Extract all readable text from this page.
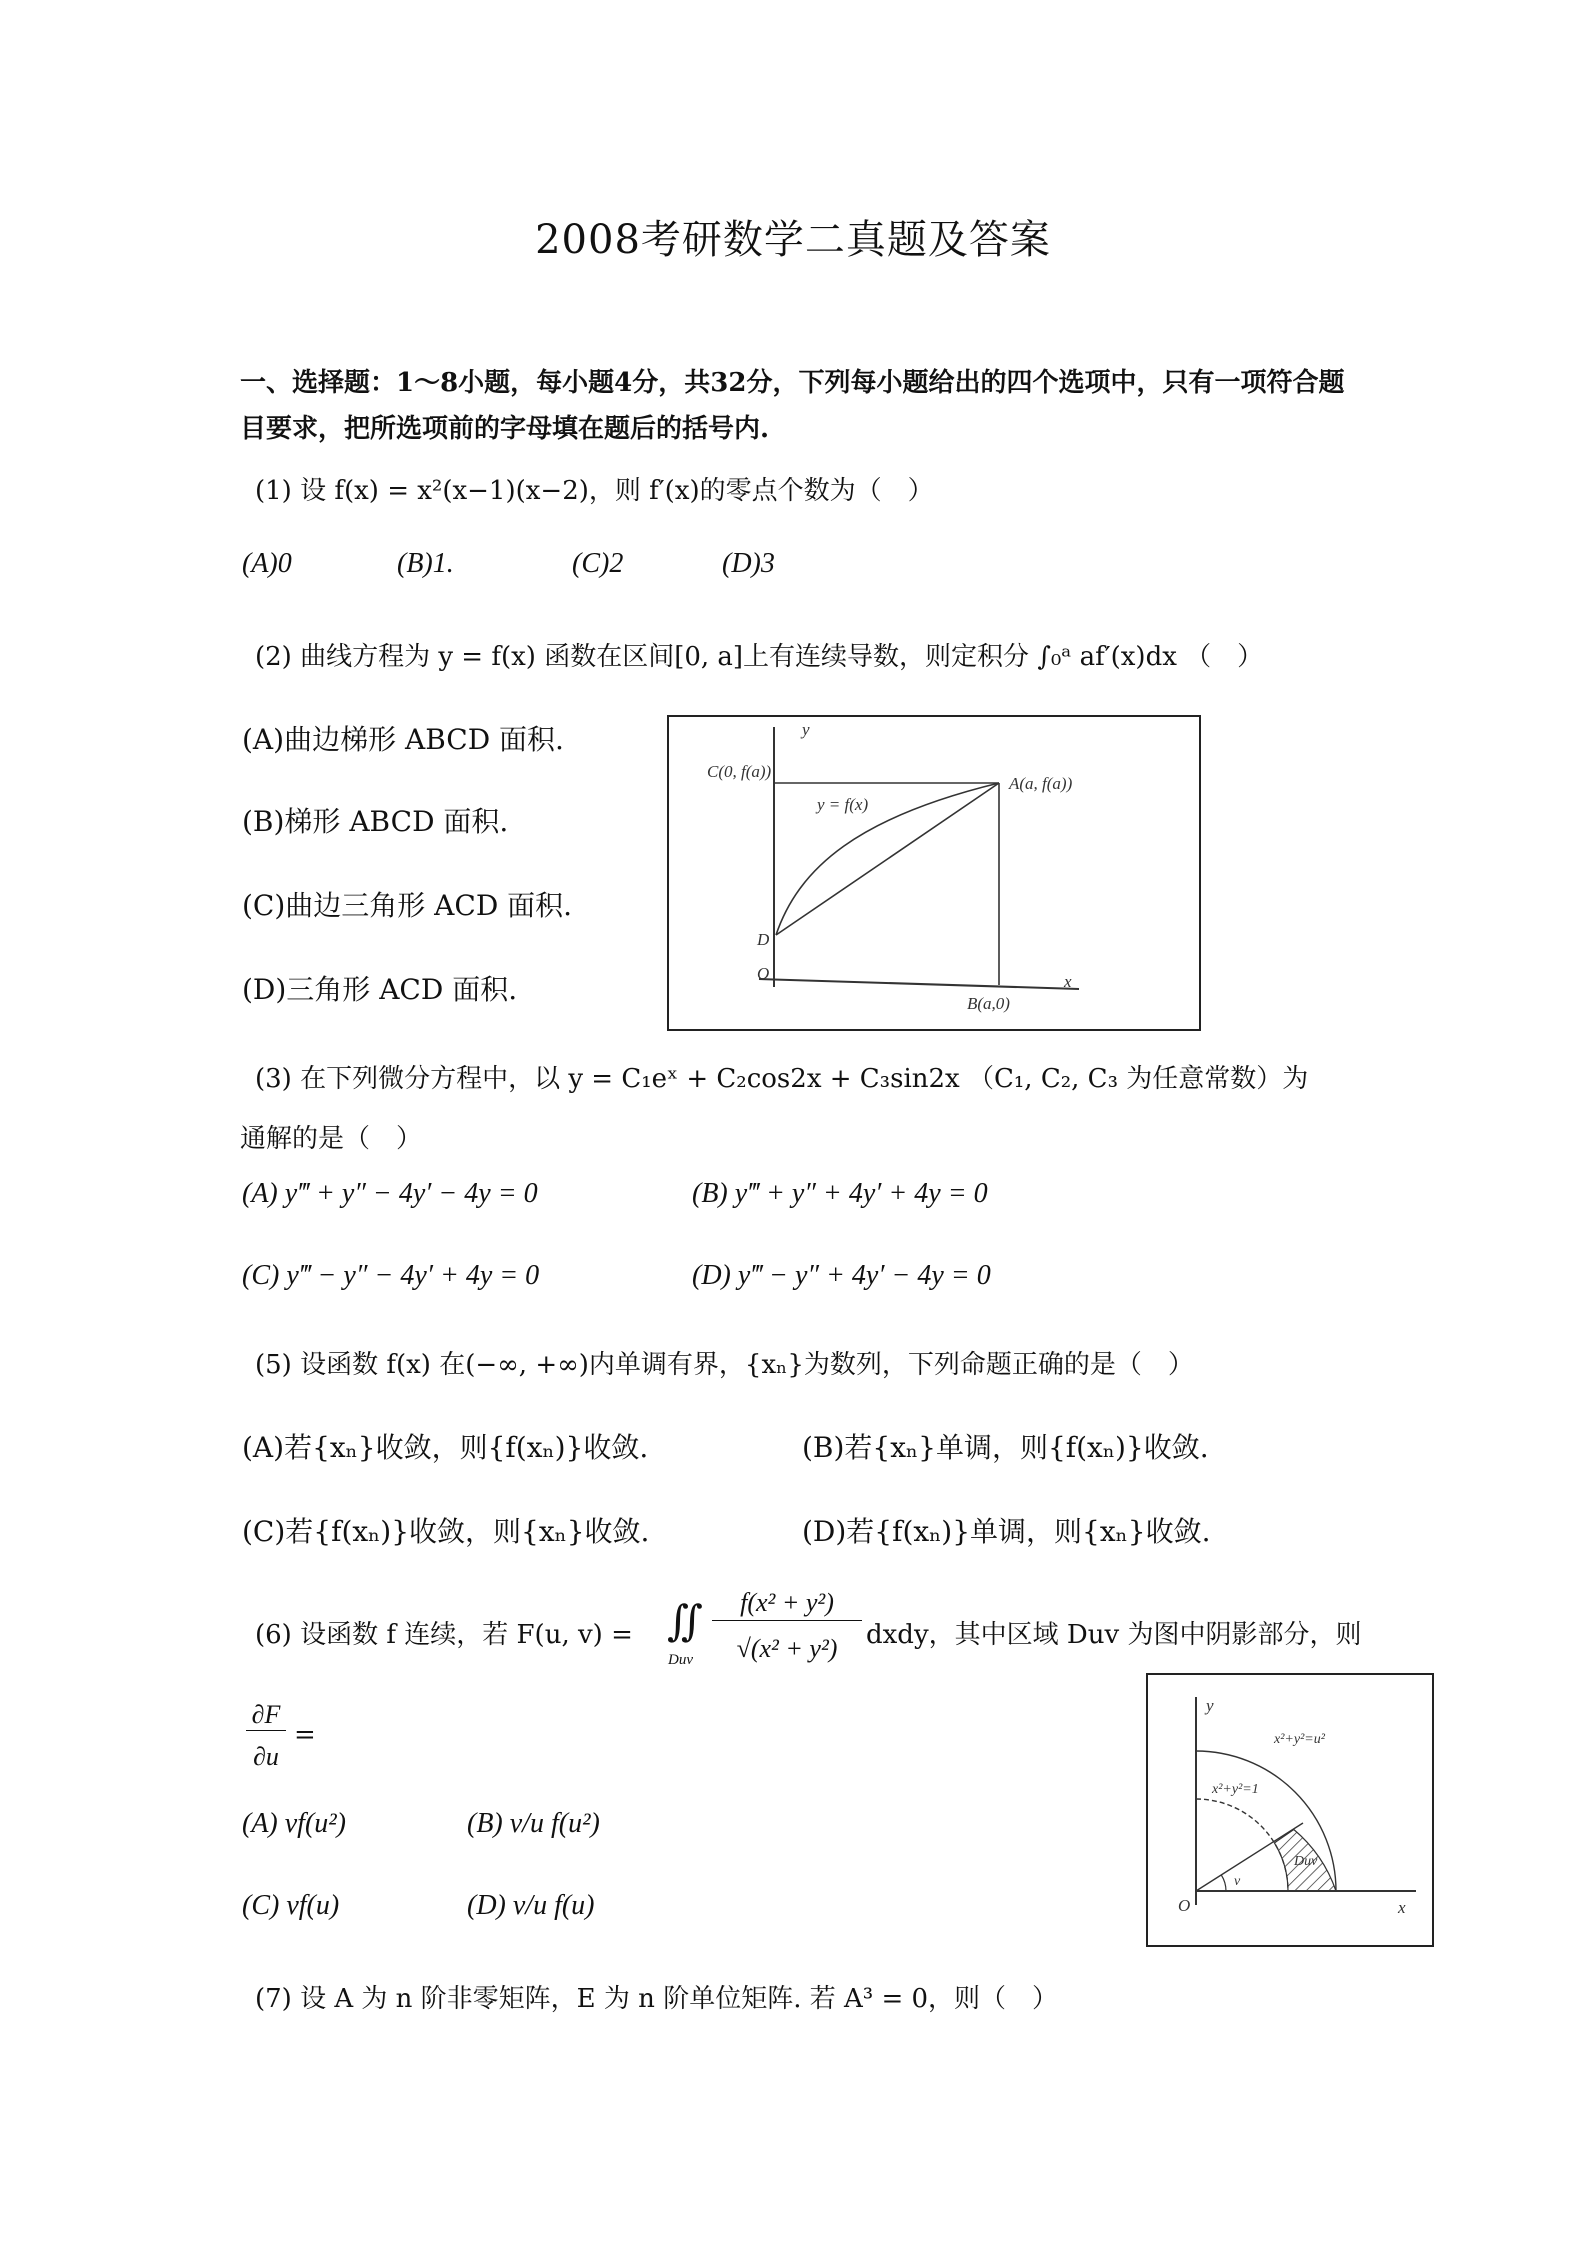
2008考研数学二真题及答案
一、选择题：1～8小题，每小题4分，共32分，下列每小题给出的四个选项中，只有一项符合题目要求，把所选项前的字母填在题后的括号内.
(1) 设 f(x) = x²(x−1)(x−2)，则 f′(x)的零点个数为（　）
(A)0	(B)1.	(C)2	(D)3
(2) 曲线方程为 y = f(x) 函数在区间[0, a]上有连续导数，则定积分 ∫₀ᵃ af′(x)dx （　）
(A)曲边梯形 ABCD 面积.
(B)梯形 ABCD 面积.
(C)曲边三角形 ACD 面积.
(D)三角形 ACD 面积.
y
C(0, f(a))
A(a, f(a))
y = f(x)
D
O
B(a,0)
x
(3) 在下列微分方程中，以 y = C₁eˣ + C₂cos2x + C₃sin2x （C₁, C₂, C₃ 为任意常数）为
通解的是（　）
(A) y‴ + y″ − 4y′ − 4y = 0	(B) y‴ + y″ + 4y′ + 4y = 0
(C) y‴ − y″ − 4y′ + 4y = 0	(D) y‴ − y″ + 4y′ − 4y = 0
(5) 设函数 f(x) 在(−∞, +∞)内单调有界，{xₙ}为数列，下列命题正确的是（　）
(A)若{xₙ}收敛，则{f(xₙ)}收敛.	(B)若{xₙ}单调，则{f(xₙ)}收敛.
(C)若{f(xₙ)}收敛，则{xₙ}收敛.	(D)若{f(xₙ)}单调，则{xₙ}收敛.
(6) 设函数 f 连续，若 F(u, v) = ∬
Duv
f(x² + y²)
√(x² + y²)	dxdy，其中区域 Duv 为图中阴影部分，则
∂F
∂u
=
(A) vf(u²)	(B) v/u f(u²)
(C) vf(u)	(D) v/u f(u)
y
x²+y²=u²
x²+y²=1
Duv
v
O	x
(7) 设 A 为 n 阶非零矩阵，E 为 n 阶单位矩阵. 若 A³ = 0，则（　）
